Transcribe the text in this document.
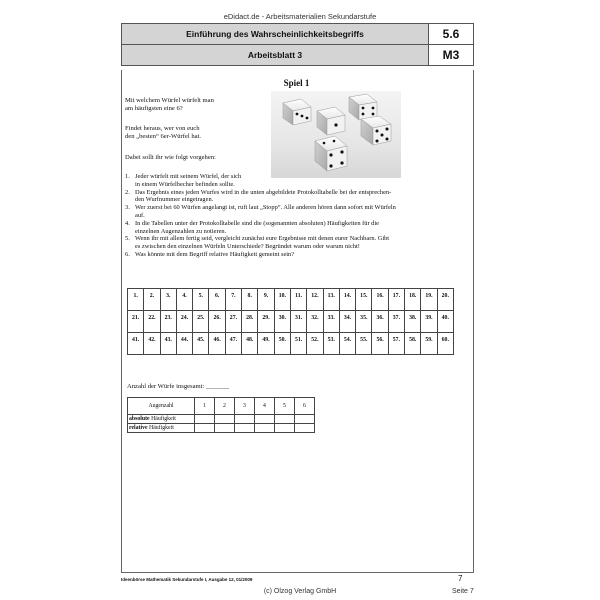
eDidact.de - Arbeitsmaterialien Sekundarstufe
Einführung des Wahrscheinlichkeitsbegriffs	5.6
Arbeitsblatt 3	M3
Spiel 1
Mit welchem Würfel würfelt man
am häufigsten eine 6?
Findet heraus, wer von euch
den „besten“ 6er-Würfel hat.
Dabei sollt ihr wie folgt vorgehen:
1. Jeder würfelt mit seinem Würfel, der sich
in einem Würfelbecher befinden sollte.
2. Das Ergebnis eines jeden Wurfes wird in die unten abgebildete Protokolltabelle bei der entsprechen-
den Wurfnummer eingetragen.
3. Wer zuerst bei 60 Würfen angelangt ist, ruft laut „Stopp“. Alle anderen hören dann sofort mit Würfeln
auf.
4. In die Tabellen unter der Protokolltabelle sind die (sogenannten absoluten) Häufigkeiten für die
einzelnen Augenzahlen zu notieren.
5. Wenn ihr mit allem fertig seid, vergleicht zunächst eure Ergebnisse mit denen eurer Nachbarn. Gibt
es zwischen den einzelnen Würfeln Unterschiede? Begründet warum oder warum nicht!
6. Was könnte mit dem Begriff relative Häufigkeit gemeint sein?
1.	2.	3.	4.	5.	6.	7.	8.	9.	10.	11.	12.	13.	14.	15.	16.	17.	18.	19.	20.

21.	22.	23.	24.	25.	26.	27.	28.	29.	30.	31.	32.	33.	34.	35.	36.	37.	38.	39.	40.

41.	42.	43.	44.	45.	46.	47.	48.	49.	50.	51.	52.	53.	54.	55.	56.	57.	58.	59.	60.
Anzahl der Würfe insgesamt: _______
Augenzahl	1	2	3	4	5	6
absolute Häufigkeit						
relative Häufigkeit						
Ideenbörse Mathematik Sekundarstufe I, Ausgabe 12, 01/2009	7
(c) Olzog Verlag GmbH	Seite 7
